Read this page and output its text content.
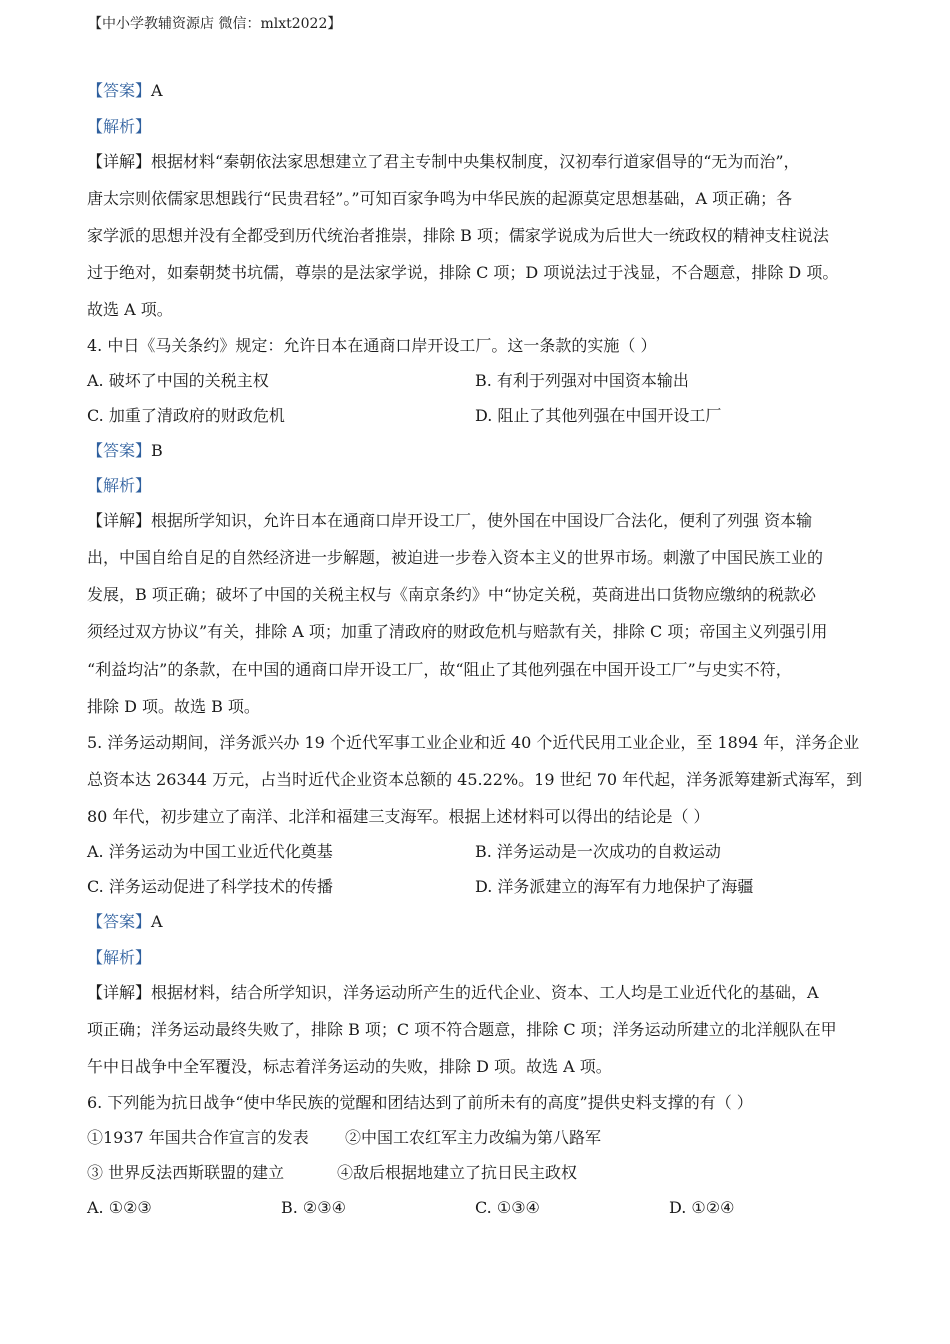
【中小学教辅资源店 微信：mlxt2022】
【答案】A
【解析】
【详解】根据材料“秦朝依法家思想建立了君主专制中央集权制度，汉初奉行道家倡导的“无为而治”，
唐太宗则依儒家思想践行“民贵君轻”。”可知百家争鸣为中华民族的起源莫定思想基础，A 项正确；各
家学派的思想并没有全都受到历代统治者推崇，排除 B 项；儒家学说成为后世大一统政权的精神支柱说法
过于绝对，如秦朝焚书坑儒，尊崇的是法家学说，排除 C 项；D 项说法过于浅显，不合题意，排除 D 项。
故选 A 项。
4. 中日《马关条约》规定：允许日本在通商口岸开设工厂。这一条款的实施（ ）
A. 破坏了中国的关税主权	B. 有利于列强对中国资本输出
C. 加重了清政府的财政危机	D. 阻止了其他列强在中国开设工厂
【答案】B
【解析】
【详解】根据所学知识，允许日本在通商口岸开设工厂，使外国在中国设厂合法化，便利了列强 资本输
出，中国自给自足的自然经济进一步解题，被迫进一步卷入资本主义的世界市场。刺激了中国民族工业的
发展，B 项正确；破坏了中国的关税主权与《南京条约》中“协定关税，英商进出口货物应缴纳的税款必
须经过双方协议”有关，排除 A 项；加重了清政府的财政危机与赔款有关，排除 C 项；帝国主义列强引用
“利益均沾”的条款，在中国的通商口岸开设工厂，故“阻止了其他列强在中国开设工厂”与史实不符，
排除 D 项。故选 B 项。
5. 洋务运动期间，洋务派兴办 19 个近代军事工业企业和近 40 个近代民用工业企业，至 1894 年，洋务企业
总资本达 26344 万元，占当时近代企业资本总额的 45.22%。19 世纪 70 年代起，洋务派筹建新式海军，到
80 年代，初步建立了南洋、北洋和福建三支海军。根据上述材料可以得出的结论是（ ）
A. 洋务运动为中国工业近代化奠基	B. 洋务运动是一次成功的自救运动
C. 洋务运动促进了科学技术的传播	D. 洋务派建立的海军有力地保护了海疆
【答案】A
【解析】
【详解】根据材料，结合所学知识，洋务运动所产生的近代企业、资本、工人均是工业近代化的基础，A
项正确；洋务运动最终失败了，排除 B 项；C 项不符合题意，排除 C 项；洋务运动所建立的北洋舰队在甲
午中日战争中全军覆没，标志着洋务运动的失败，排除 D 项。故选 A 项。
6. 下列能为抗日战争“使中华民族的觉醒和团结达到了前所未有的高度”提供史料支撑的有（ ）
①1937 年国共合作宣言的发表 ②中国工农红军主力改编为第八路军
③ 世界反法西斯联盟的建立	④敌后根据地建立了抗日民主政权
A. ①②③	B. ②③④	C. ①③④	D. ①②④
